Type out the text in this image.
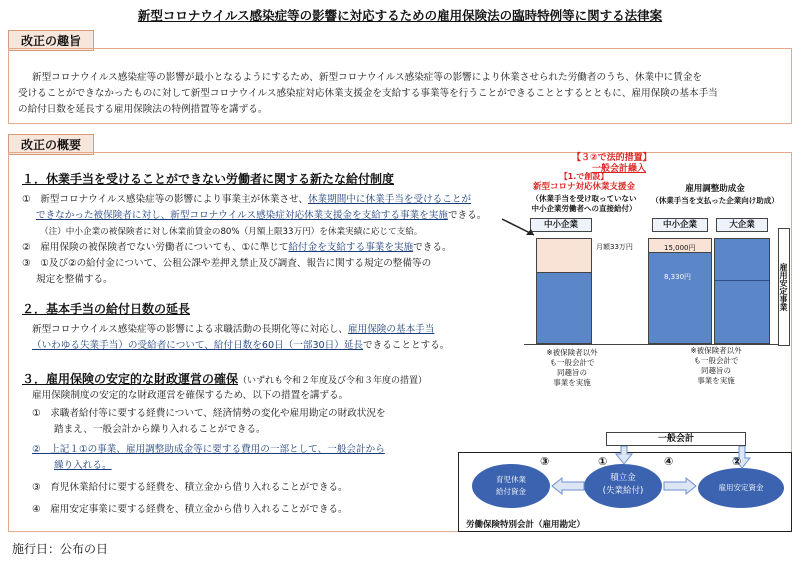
新型コロナウイルス感染症等の影響に対応するための雇用保険法の臨時特例等に関する法律案
改正の趣旨
新型コロナウイルス感染症等の影響が最小となるようにするため、新型コロナウイルス感染症等の影響により休業させられた労働者のうち、休業中に賃金を
受けることができなかったものに対して新型コロナウイルス感染症対応休業支援金を支給する事業等を行うことができることとするとともに、雇用保険の基本手当
の給付日数を延長する雇用保険法の特例措置等を講ずる。
改正の概要
１．休業手当を受けることができない労働者に関する新たな給付制度
①　新型コロナウイルス感染症等の影響により事業主が休業させ、休業期間中に休業手当を受けることが
できなかった被保険者に対し、新型コロナウイルス感染症対応休業支援金を支給する事業を実施できる。
（注）中小企業の被保険者に対し休業前賃金の80%（月額上限33万円）を休業実績に応じて支給。
②　雇用保険の被保険者でない労働者についても、①に準じて給付金を支給する事業を実施できる。
③　①及び②の給付金について、公租公課や差押え禁止及び調査、報告に関する規定の整備等の
規定を整備する。
２．基本手当の給付日数の延長
新型コロナウイルス感染症等の影響による求職活動の長期化等に対応し、雇用保険の基本手当
（いわゆる失業手当）の受給者について、給付日数を60日（一部30日）延長できることとする。
３．雇用保険の安定的な財政運営の確保（いずれも令和２年度及び令和３年度の措置）
雇用保険制度の安定的な財政運営を確保するため、以下の措置を講ずる。
①　求職者給付等に要する経費について、経済情勢の変化や雇用勘定の財政状況を
踏まえ、一般会計から繰り入れることができる。
②　上記１①の事業、雇用調整助成金等に要する費用の一部として、一般会計から
繰り入れる。
③　育児休業給付に要する経費を、積立金から借り入れることができる。
④　雇用安定事業に要する経費を、積立金から借り入れることができる。
【３②で法的措置】
一般会計繰入
【1.で創設】
新型コロナ対応休業支援金
（休業手当を受け取っていない
中小企業労働者への直接給付）
雇用調整助成金
（休業手当を支払った企業向け助成）
中小企業
月額33万円
中小企業	大企業
15,000円
8,330円	雇用安定事業
※被保険者以外
も一般会計で
同趣旨の
事業を実施
※被保険者以外
も一般会計で
同趣旨の
事業を実施
一般会計
労働保険特別会計（雇用勘定）
育児休業
給付資金
積立金
(失業給付)	雇用安定資金
③	①	④	②
施行日：公布の日
